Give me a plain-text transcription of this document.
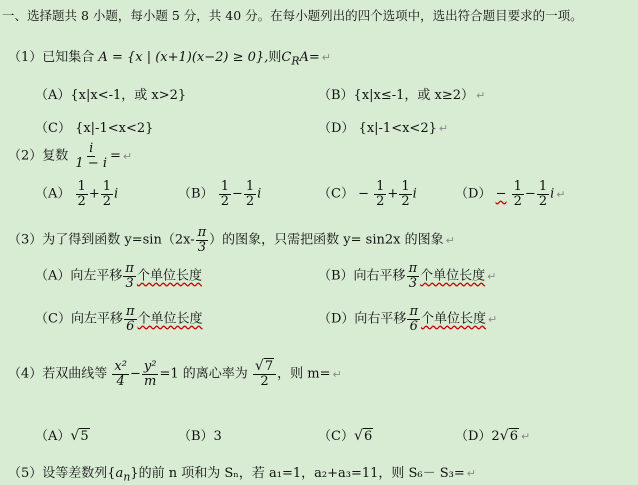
一、选择题共 8 小题，每小题 5 分，共 40 分。在每小题列出的四个选项中，选出符合题目要求的一项。
（1）已知集合 A = {x | (x+1)(x−2) ≥ 0},则$C_RA=$ ↵
（A）{x|x<-1，或 x>2}	（B）{x|x≤-1，或 x≥2） ↵
（C） {x|-1<x<2}	（D） {x|-1<x<2} ↵
（2）复数 $\frac{i}{1 - i}$ = ↵
$(A) \frac{1}{2} + \frac{1}{2}$ i	$(B) \frac{1}{2} - \frac{1}{2}$ i	$(C) - \frac{1}{2} + \frac{1}{2}$ i	$(D) - \frac{1}{2} - \frac{1}{2}$ i ↵
（3）为了得到函数 $y=\sin(2x- \frac{\pi}{3}$ ）的图象，只需把函数 y= sin2x 的图象 ↵
（A）向左平移 $\frac{\pi}{3}$ 个单位长度	（B）向右平移 $\frac{\pi}{3}$ 个单位长度 ↵
（C）向左平移 $\frac{\pi}{6}$ 个单位长度	（D）向右平移 $\frac{\pi}{6}$ 个单位长度 ↵
（4）若双曲线等 $\frac{\text{x²}}{4} - \frac{\text{y²}}{m} =1$ 的离心率为 $\frac{√ 7}{2}$ ，则 m= ↵
（A） √ 5	（B）3	（C） √ 6	（D）2 √ 6 ↵
（5）设等差数列$\{a_n\}$的前 n 项和为 Sₙ，若 a₁=1，a₂+a₃=11，则 S₆－ S₃= ↵
